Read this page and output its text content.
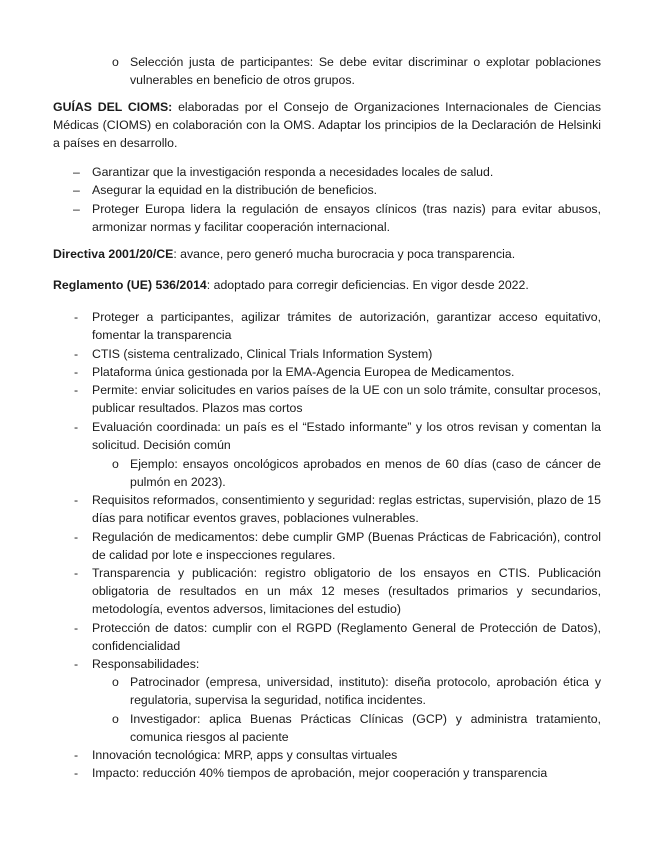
o Selección justa de participantes: Se debe evitar discriminar o explotar poblaciones vulnerables en beneficio de otros grupos.
GUÍAS DEL CIOMS: elaboradas por el Consejo de Organizaciones Internacionales de Ciencias Médicas (CIOMS) en colaboración con la OMS. Adaptar los principios de la Declaración de Helsinki a países en desarrollo.
– Garantizar que la investigación responda a necesidades locales de salud.
– Asegurar la equidad en la distribución de beneficios.
– Proteger Europa lidera la regulación de ensayos clínicos (tras nazis) para evitar abusos, armonizar normas y facilitar cooperación internacional.
Directiva 2001/20/CE: avance, pero generó mucha burocracia y poca transparencia.
Reglamento (UE) 536/2014: adoptado para corregir deficiencias. En vigor desde 2022.
- Proteger a participantes, agilizar trámites de autorización, garantizar acceso equitativo, fomentar la transparencia
- CTIS (sistema centralizado, Clinical Trials Information System)
- Plataforma única gestionada por la EMA-Agencia Europea de Medicamentos.
- Permite: enviar solicitudes en varios países de la UE con un solo trámite, consultar procesos, publicar resultados. Plazos mas cortos
- Evaluación coordinada: un país es el “Estado informante” y los otros revisan y comentan la solicitud. Decisión común
o Ejemplo: ensayos oncológicos aprobados en menos de 60 días (caso de cáncer de pulmón en 2023).
- Requisitos reformados, consentimiento y seguridad: reglas estrictas, supervisión, plazo de 15 días para notificar eventos graves, poblaciones vulnerables.
- Regulación de medicamentos: debe cumplir GMP (Buenas Prácticas de Fabricación), control de calidad por lote e inspecciones regulares.
- Transparencia y publicación: registro obligatorio de los ensayos en CTIS. Publicación obligatoria de resultados en un máx 12 meses (resultados primarios y secundarios, metodología, eventos adversos, limitaciones del estudio)
- Protección de datos: cumplir con el RGPD (Reglamento General de Protección de Datos), confidencialidad
- Responsabilidades:
o Patrocinador (empresa, universidad, instituto): diseña protocolo, aprobación ética y regulatoria, supervisa la seguridad, notifica incidentes.
o Investigador: aplica Buenas Prácticas Clínicas (GCP) y administra tratamiento, comunica riesgos al paciente
- Innovación tecnológica: MRP, apps y consultas virtuales
- Impacto: reducción 40% tiempos de aprobación, mejor cooperación y transparencia
